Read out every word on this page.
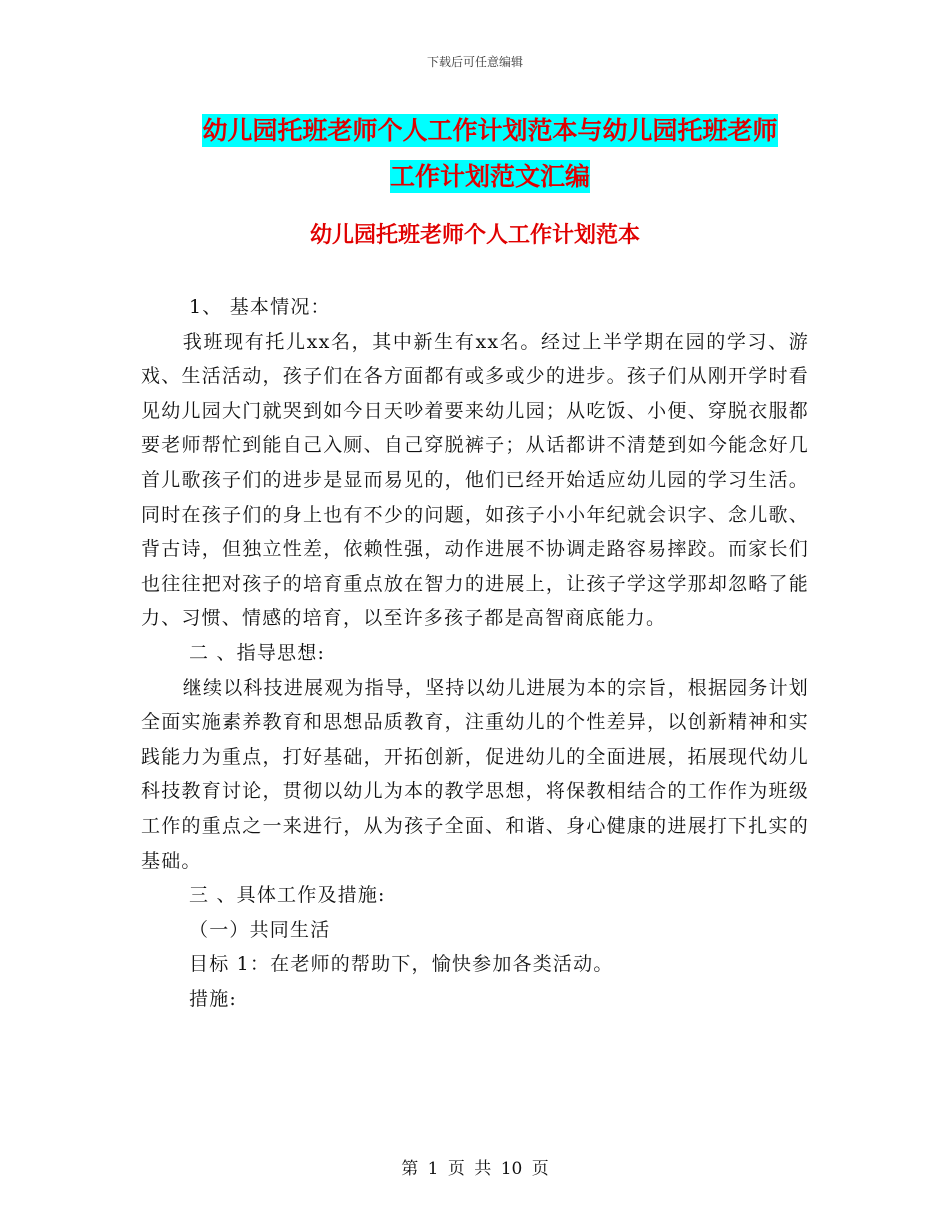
下载后可任意编辑
幼儿园托班老师个人工作计划范本与幼儿园托班老师
工作计划范文汇编
幼儿园托班老师个人工作计划范本

1、 基本情况：

我班现有托儿xx名，其中新生有xx名。经过上半学期在园的学习、游戏、生活活动，孩子们在各方面都有或多或少的进步。孩子们从刚开学时看见幼儿园大门就哭到如今日天吵着要来幼儿园；从吃饭、小便、穿脱衣服都要老师帮忙到能自己入厕、自己穿脱裤子；从话都讲不清楚到如今能念好几首儿歌孩子们的进步是显而易见的，他们已经开始适应幼儿园的学习生活。同时在孩子们的身上也有不少的问题，如孩子小小年纪就会识字、念儿歌、背古诗，但独立性差，依赖性强，动作进展不协调走路容易摔跤。而家长们也往往把对孩子的培育重点放在智力的进展上，让孩子学这学那却忽略了能力、习惯、情感的培育，以至许多孩子都是高智商底能力。

二 、指导思想:

继续以科技进展观为指导，坚持以幼儿进展为本的宗旨，根据园务计划全面实施素养教育和思想品质教育，注重幼儿的个性差异，以创新精神和实践能力为重点，打好基础，开拓创新，促进幼儿的全面进展，拓展现代幼儿科技教育讨论，贯彻以幼儿为本的教学思想，将保教相结合的工作作为班级工作的重点之一来进行，从为孩子全面、和谐、身心健康的进展打下扎实的基础。

三 、具体工作及措施:

（一）共同生活

目标 1：在老师的帮助下，愉快参加各类活动。

措施:

第 1 页 共 10 页
